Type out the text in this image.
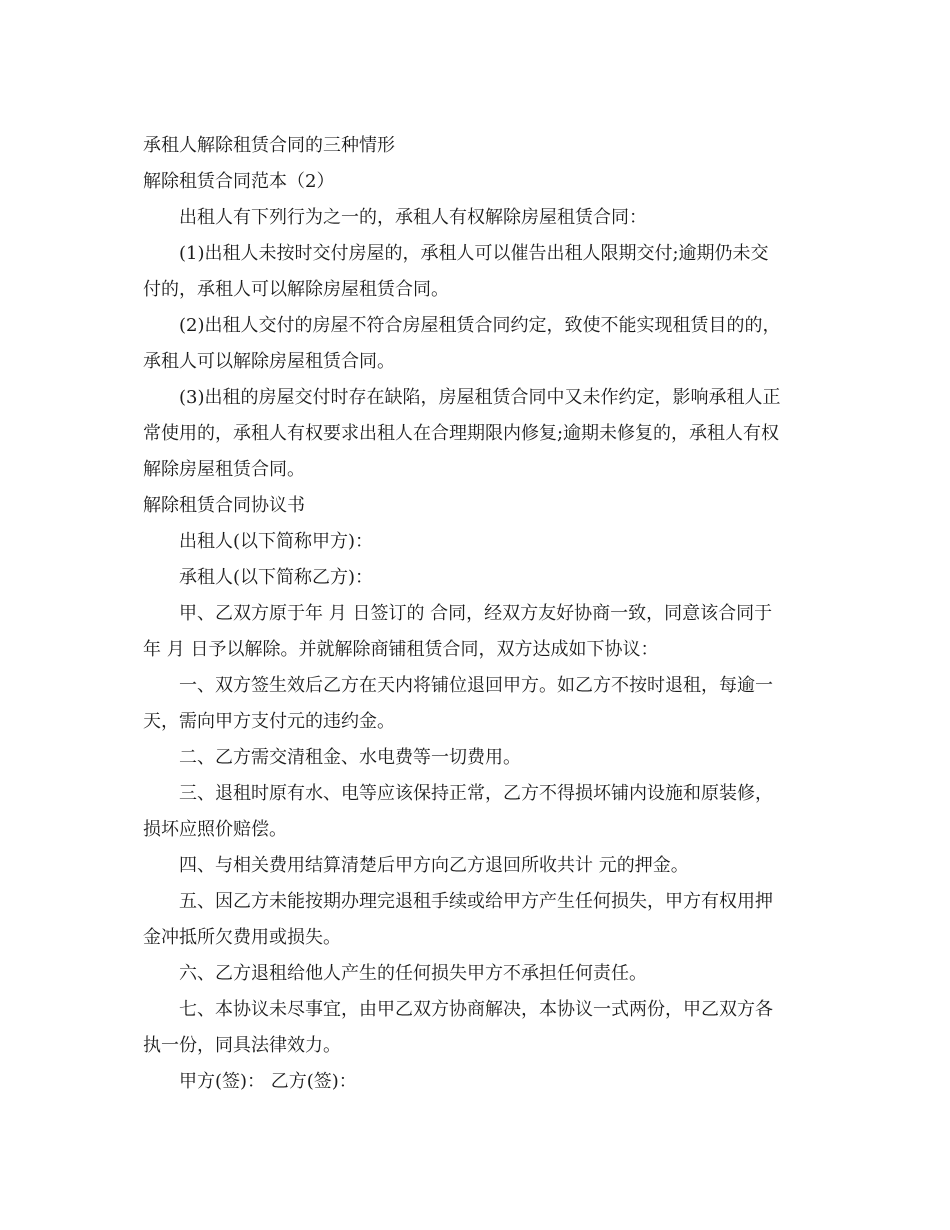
承租人解除租赁合同的三种情形
解除租赁合同范本（2）
出租人有下列行为之一的，承租人有权解除房屋租赁合同：
(1)出租人未按时交付房屋的，承租人可以催告出租人限期交付;逾期仍未交
付的，承租人可以解除房屋租赁合同。
(2)出租人交付的房屋不符合房屋租赁合同约定，致使不能实现租赁目的的，
承租人可以解除房屋租赁合同。
(3)出租的房屋交付时存在缺陷，房屋租赁合同中又未作约定，影响承租人正
常使用的，承租人有权要求出租人在合理期限内修复;逾期未修复的，承租人有权
解除房屋租赁合同。
解除租赁合同协议书
出租人(以下简称甲方)：
承租人(以下简称乙方)：
甲、乙双方原于年 月 日签订的 合同，经双方友好协商一致，同意该合同于
年 月 日予以解除。并就解除商铺租赁合同，双方达成如下协议：
一、双方签生效后乙方在天内将铺位退回甲方。如乙方不按时退租，每逾一
天，需向甲方支付元的违约金。
二、乙方需交清租金、水电费等一切费用。
三、退租时原有水、电等应该保持正常，乙方不得损坏铺内设施和原装修，
损坏应照价赔偿。
四、与相关费用结算清楚后甲方向乙方退回所收共计 元的押金。
五、因乙方未能按期办理完退租手续或给甲方产生任何损失，甲方有权用押
金冲抵所欠费用或损失。
六、乙方退租给他人产生的任何损失甲方不承担任何责任。
七、本协议未尽事宜，由甲乙双方协商解决，本协议一式两份，甲乙双方各
执一份，同具法律效力。
甲方(签)： 乙方(签)：
